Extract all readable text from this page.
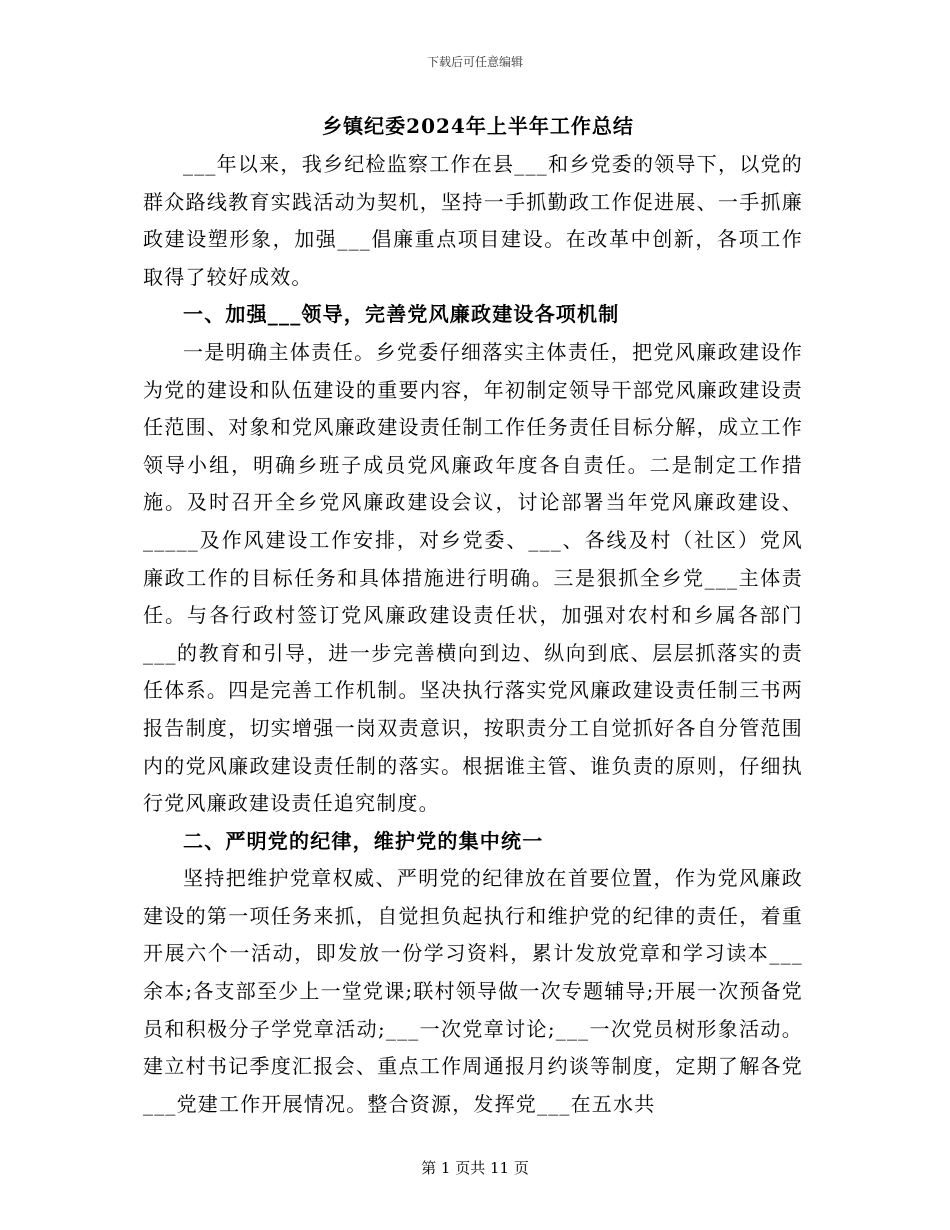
下载后可任意编辑
乡镇纪委2024年上半年工作总结

___年以来，我乡纪检监察工作在县___和乡党委的领导下，以党的群众路线教育实践活动为契机，坚持一手抓勤政工作促进展、一手抓廉政建设塑形象，加强___倡廉重点项目建设。在改革中创新，各项工作取得了较好成效。

一、加强___领导，完善党风廉政建设各项机制

一是明确主体责任。乡党委仔细落实主体责任，把党风廉政建设作为党的建设和队伍建设的重要内容，年初制定领导干部党风廉政建设责任范围、对象和党风廉政建设责任制工作任务责任目标分解，成立工作领导小组，明确乡班子成员党风廉政年度各自责任。二是制定工作措施。及时召开全乡党风廉政建设会议，讨论部署当年党风廉政建设、_____及作风建设工作安排，对乡党委、___、各线及村（社区）党风廉政工作的目标任务和具体措施进行明确。三是狠抓全乡党___主体责任。与各行政村签订党风廉政建设责任状，加强对农村和乡属各部门___的教育和引导，进一步完善横向到边、纵向到底、层层抓落实的责任体系。四是完善工作机制。坚决执行落实党风廉政建设责任制三书两报告制度，切实增强一岗双责意识，按职责分工自觉抓好各自分管范围内的党风廉政建设责任制的落实。根据谁主管、谁负责的原则，仔细执行党风廉政建设责任追究制度。

二、严明党的纪律，维护党的集中统一

坚持把维护党章权威、严明党的纪律放在首要位置，作为党风廉政建设的第一项任务来抓，自觉担负起执行和维护党的纪律的责任，着重开展六个一活动，即发放一份学习资料，累计发放党章和学习读本___余本;各支部至少上一堂党课;联村领导做一次专题辅导;开展一次预备党员和积极分子学党章活动;___一次党章讨论;___一次党员树形象活动。建立村书记季度汇报会、重点工作周通报月约谈等制度，定期了解各党___党建工作开展情况。整合资源，发挥党___在五水共

第 1 页共 11 页
